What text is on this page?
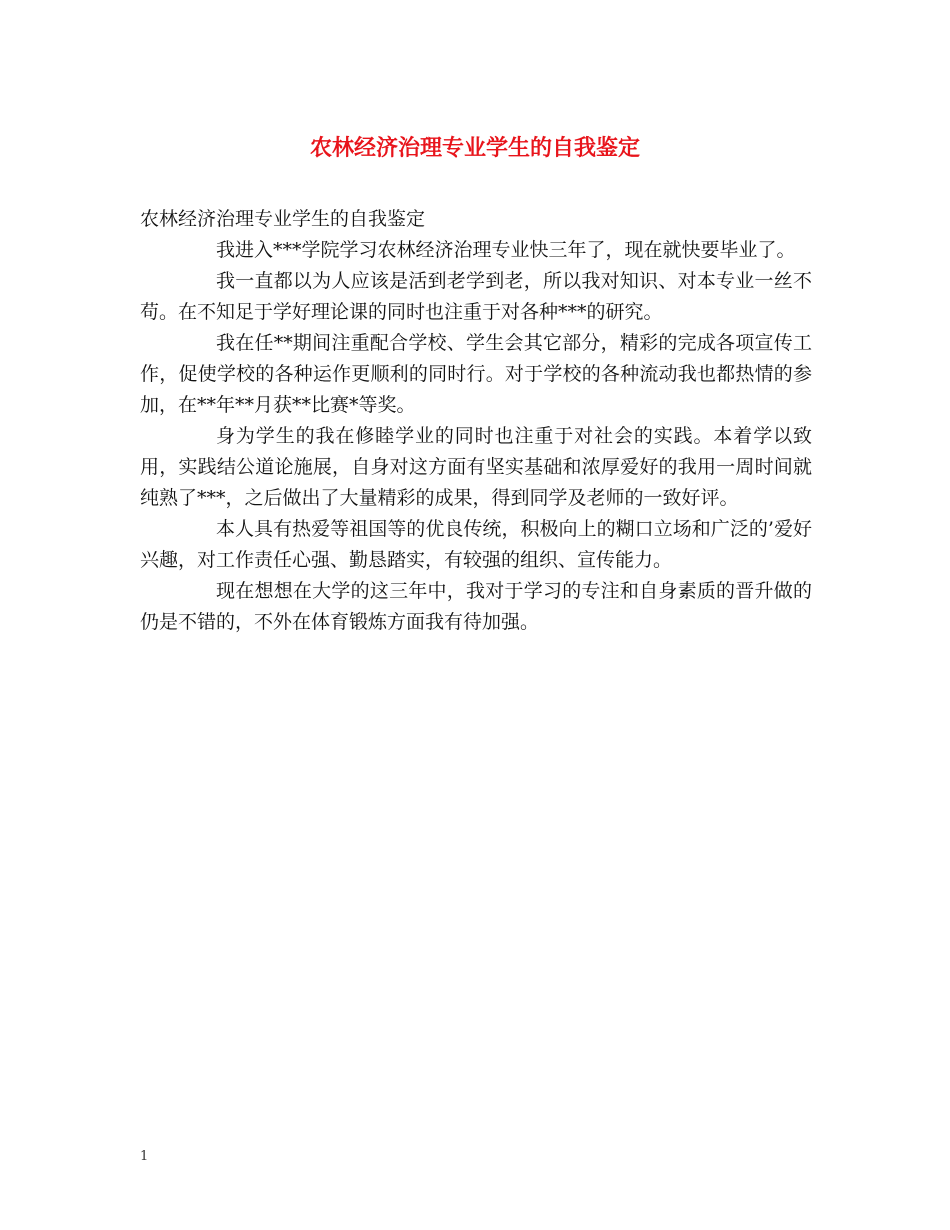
农林经济治理专业学生的自我鉴定

农林经济治理专业学生的自我鉴定

我进入***学院学习农林经济治理专业快三年了，现在就快要毕业了。

我一直都以为人应该是活到老学到老，所以我对知识、对本专业一丝不苟。在不知足于学好理论课的同时也注重于对各种***的研究。

我在任**期间注重配合学校、学生会其它部分，精彩的完成各项宣传工作，促使学校的各种运作更顺利的同时行。对于学校的各种流动我也都热情的参加，在**年**月获**比赛*等奖。

身为学生的我在修睦学业的同时也注重于对社会的实践。本着学以致用，实践结公道论施展，自身对这方面有坚实基础和浓厚爱好的我用一周时间就纯熟了***，之后做出了大量精彩的成果，得到同学及老师的一致好评。

本人具有热爱等祖国等的优良传统，积极向上的糊口立场和广泛的’爱好兴趣，对工作责任心强、勤恳踏实，有较强的组织、宣传能力。

现在想想在大学的这三年中，我对于学习的专注和自身素质的晋升做的仍是不错的，不外在体育锻炼方面我有待加强。

1
